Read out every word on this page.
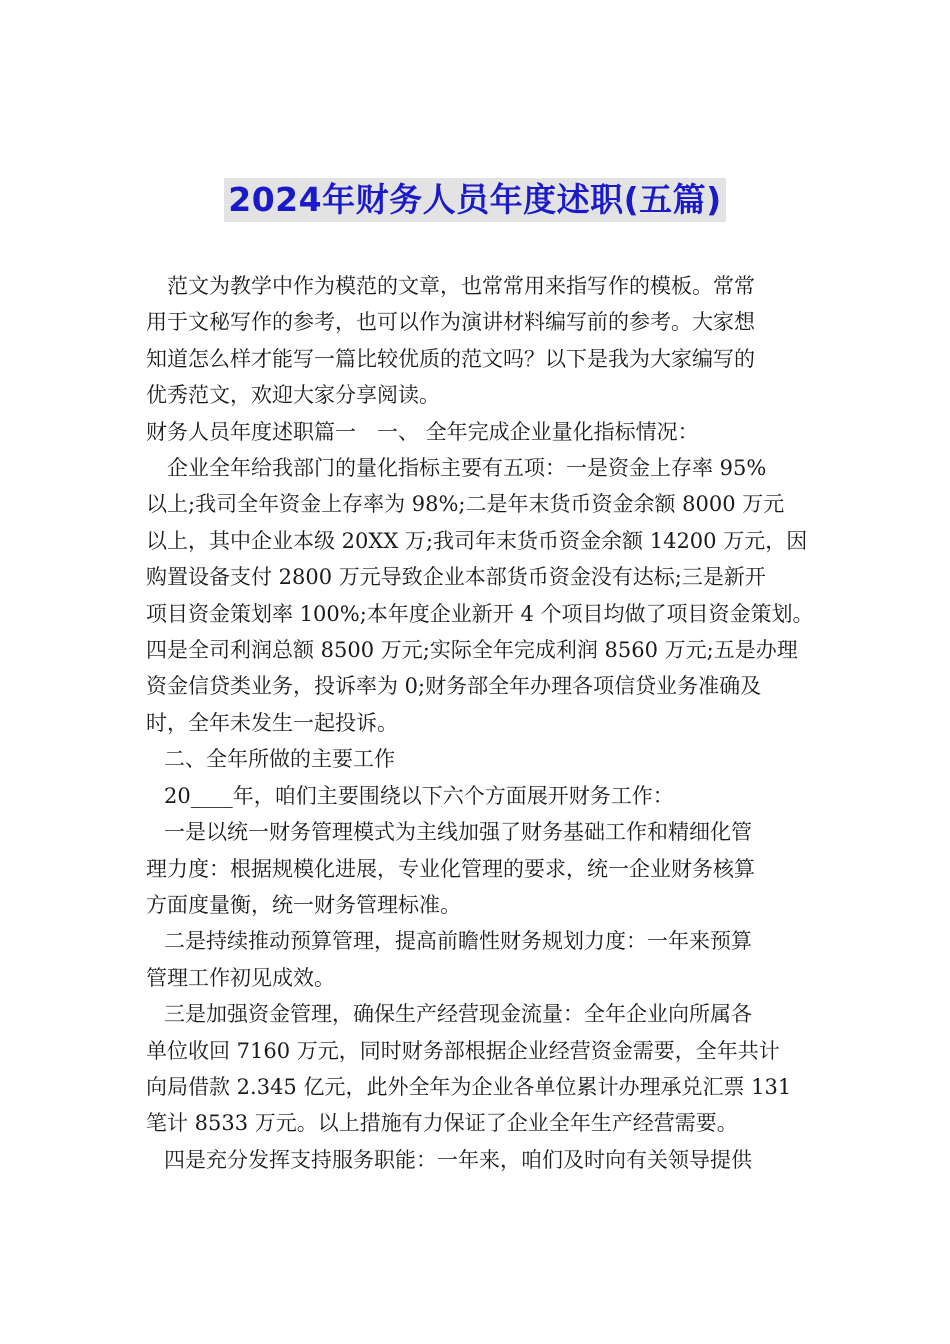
2024年财务人员年度述职(五篇)

范文为教学中作为模范的文章，也常常用来指写作的模板。常常

用于文秘写作的参考，也可以作为演讲材料编写前的参考。大家想

知道怎么样才能写一篇比较优质的范文吗？以下是我为大家编写的

优秀范文，欢迎大家分享阅读。

财务人员年度述职篇一　一、 全年完成企业量化指标情况：

企业全年给我部门的量化指标主要有五项：一是资金上存率 95%

以上;我司全年资金上存率为 98%;二是年末货币资金余额 8000 万元

以上，其中企业本级 20XX 万;我司年末货币资金余额 14200 万元，因

购置设备支付 2800 万元导致企业本部货币资金没有达标;三是新开

项目资金策划率 100%;本年度企业新开 4 个项目均做了项目资金策划。

四是全司利润总额 8500 万元;实际全年完成利润 8560 万元;五是办理

资金信贷类业务，投诉率为 0;财务部全年办理各项信贷业务准确及

时，全年未发生一起投诉。

二、全年所做的主要工作

20____年，咱们主要围绕以下六个方面展开财务工作：

一是以统一财务管理模式为主线加强了财务基础工作和精细化管

理力度：根据规模化进展，专业化管理的要求，统一企业财务核算

方面度量衡，统一财务管理标准。

二是持续推动预算管理，提高前瞻性财务规划力度：一年来预算

管理工作初见成效。

三是加强资金管理，确保生产经营现金流量：全年企业向所属各

单位收回 7160 万元，同时财务部根据企业经营资金需要，全年共计

向局借款 2.345 亿元，此外全年为企业各单位累计办理承兑汇票 131

笔计 8533 万元。以上措施有力保证了企业全年生产经营需要。

四是充分发挥支持服务职能：一年来，咱们及时向有关领导提供
